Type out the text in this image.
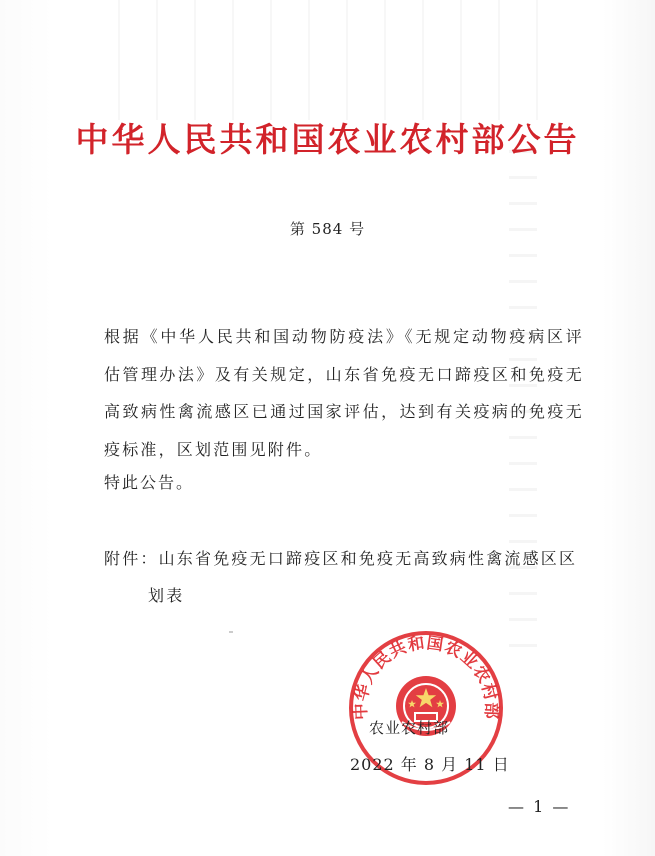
中华人民共和国农业农村部公告
第 584 号
根据《中华人民共和国动物防疫法》《无规定动物疫病区评估管理办法》及有关规定，山东省免疫无口蹄疫区和免疫无高致病性禽流感区已通过国家评估，达到有关疫病的免疫无疫标准，区划范围见附件。
特此公告。
附件：山东省免疫无口蹄疫区和免疫无高致病性禽流感区区
划表
中华人民共和国农业农村部
农业农村部
2022 年 8 月 11 日
— 1 —
